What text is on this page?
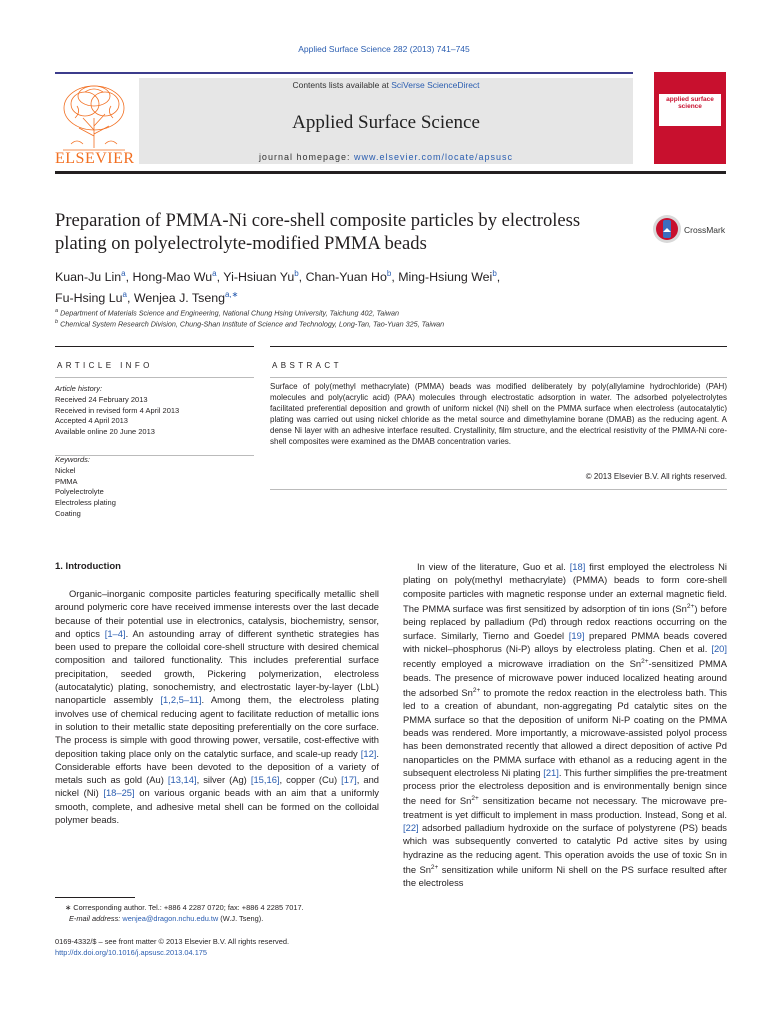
Applied Surface Science 282 (2013) 741–745
ELSEVIER
Contents lists available at SciVerse ScienceDirect
Applied Surface Science
journal homepage: www.elsevier.com/locate/apsusc
applied surface science
Preparation of PMMA-Ni core-shell composite particles by electroless
plating on polyelectrolyte-modified PMMA beads
CrossMark
Kuan-Ju Lin$^a$, Hong-Mao Wu$^a$, Yi-Hsiuan Yu$^b$, Chan-Yuan Ho$^b$, Ming-Hsiung Wei$^b$,
Fu-Hsing Lu$^a$, Wenjea J. Tseng$^{a,∗}$
$^a$ Department of Materials Science and Engineering, National Chung Hsing University, Taichung 402, Taiwan
$^b$ Chemical System Research Division, Chung-Shan Institute of Science and Technology, Long-Tan, Tao-Yuan 325, Taiwan
ARTICLE INFO	ABSTRACT
Article history:
Received 24 February 2013
Received in revised form 4 April 2013
Accepted 4 April 2013
Available online 20 June 2013
Keywords:
Nickel
PMMA
Polyelectrolyte
Electroless plating
Coating
Surface of poly(methyl methacrylate) (PMMA) beads was modified deliberately by poly(allylamine hydrochloride) (PAH) molecules and poly(acrylic acid) (PAA) molecules through electrostatic adsorption in water. The adsorbed polyelectrolytes facilitated preferential deposition and growth of uniform nickel (Ni) shell on the PMMA surface when electroless (autocatalytic) plating was carried out using nickel chloride as the metal source and dimethylamine borane (DMAB) as the reducing agent. A dense Ni layer with an adhesive interface resulted. Crystallinity, film structure, and the electrical resistivity of the PMMA-Ni core-shell composites were examined as the DMAB concentration varies.
© 2013 Elsevier B.V. All rights reserved.
1. Introduction
Organic–inorganic composite particles featuring specifically metallic shell around polymeric core have received immense interests over the last decade because of their potential use in electronics, catalysis, biochemistry, sensor, and optics [1–4]. An astounding array of different synthetic strategies has been used to prepare the colloidal core-shell structure with desired chemical composition and tailored functionality. This includes preferential surface precipitation, seeded growth, Pickering polymerization, electroless (autocatalytic) plating, sonochemistry, and electrostatic layer-by-layer (LbL) nanoparticle assembly [1,2,5–11]. Among them, the electroless plating involves use of chemical reducing agent to facilitate reduction of metallic ions in solution to their metallic state depositing preferentially on the core surface. The process is simple with good throwing power, versatile, cost-effective with deposition taking place only on the catalytic surface, and scale-up ready [12]. Considerable efforts have been devoted to the deposition of a variety of metals such as gold (Au) [13,14], silver (Ag) [15,16], copper (Cu) [17], and nickel (Ni) [18–25] on various organic beads with an aim that a uniformly smooth, complete, and adhesive metal shell can be formed on the colloidal polymer beads.
In view of the literature, Guo et al. [18] first employed the electroless Ni plating on poly(methyl methacrylate) (PMMA) beads to form core-shell composite particles with magnetic response under an external magnetic field. The PMMA surface was first sensitized by adsorption of tin ions $(Sn^{2+})$ before being replaced by palladium (Pd) through redox reactions occurring on the surface. Similarly, Tierno and Goedel [19] prepared PMMA beads covered with nickel–phosphorus (Ni-P) alloys by electroless plating. Chen et al. [20] recently employed a microwave irradiation on the $Sn^{2+}$-sensitized PMMA beads. The presence of microwave power induced localized heating around the adsorbed $Sn^{2+}$ to promote the redox reaction in the electroless bath. This led to a creation of abundant, non-aggregating Pd catalytic sites on the PMMA surface so that the deposition of uniform Ni-P coating on the PMMA beads was rendered. More importantly, a microwave-assisted polyol process has been demonstrated recently that allowed a direct deposition of active Pd nanoparticles on the PMMA surface with ethanol as a reducing agent in the subsequent electroless Ni plating [21]. This further simplifies the pre-treatment process prior the electroless deposition and is environmentally benign since the need for $Sn^{2+}$ sensitization became not necessary. The microwave pre-treatment is yet difficult to implement in mass production. Instead, Song et al. [22] adsorbed palladium hydroxide on the surface of polystyrene (PS) beads which was subsequently converted to catalytic Pd active sites by using hydrazine as the reducing agent. This operation avoids the use of toxic Sn in the $Sn^{2+}$ sensitization while uniform Ni shell on the PS surface resulted after the electroless
∗ Corresponding author. Tel.: +886 4 2287 0720; fax: +886 4 2285 7017.
E-mail address: wenjea@dragon.nchu.edu.tw (W.J. Tseng).
0169-4332/$ – see front matter © 2013 Elsevier B.V. All rights reserved.
http://dx.doi.org/10.1016/j.apsusc.2013.04.175
